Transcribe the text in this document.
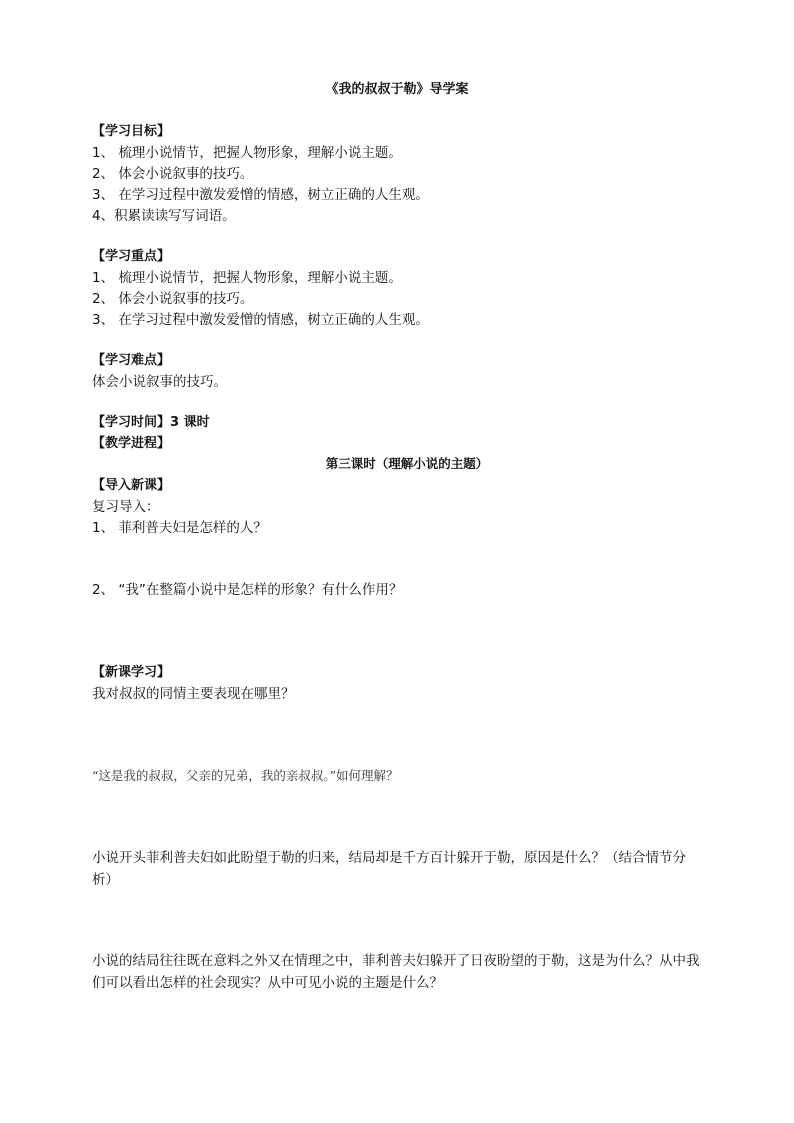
《我的叔叔于勒》导学案
【学习目标】
1、 梳理小说情节，把握人物形象，理解小说主题。
2、 体会小说叙事的技巧。
3、 在学习过程中激发爱憎的情感，树立正确的人生观。
4、积累读读写写词语。
【学习重点】
1、 梳理小说情节，把握人物形象，理解小说主题。
2、 体会小说叙事的技巧。
3、 在学习过程中激发爱憎的情感，树立正确的人生观。
【学习难点】
体会小说叙事的技巧。
【学习时间】3 课时
【教学进程】
第三课时（理解小说的主题）
【导入新课】
复习导入：
1、 菲利普夫妇是怎样的人？
2、 “我”在整篇小说中是怎样的形象？有什么作用？
【新课学习】
我对叔叔的同情主要表现在哪里？
“这是我的叔叔，父亲的兄弟，我的亲叔叔。”如何理解？
小说开头菲利普夫妇如此盼望于勒的归来，结局却是千方百计躲开于勒，原因是什么？（结合情节分析）
小说的结局往往既在意料之外又在情理之中，菲利普夫妇躲开了日夜盼望的于勒，这是为什么？从中我们可以看出怎样的社会现实？从中可见小说的主题是什么？
